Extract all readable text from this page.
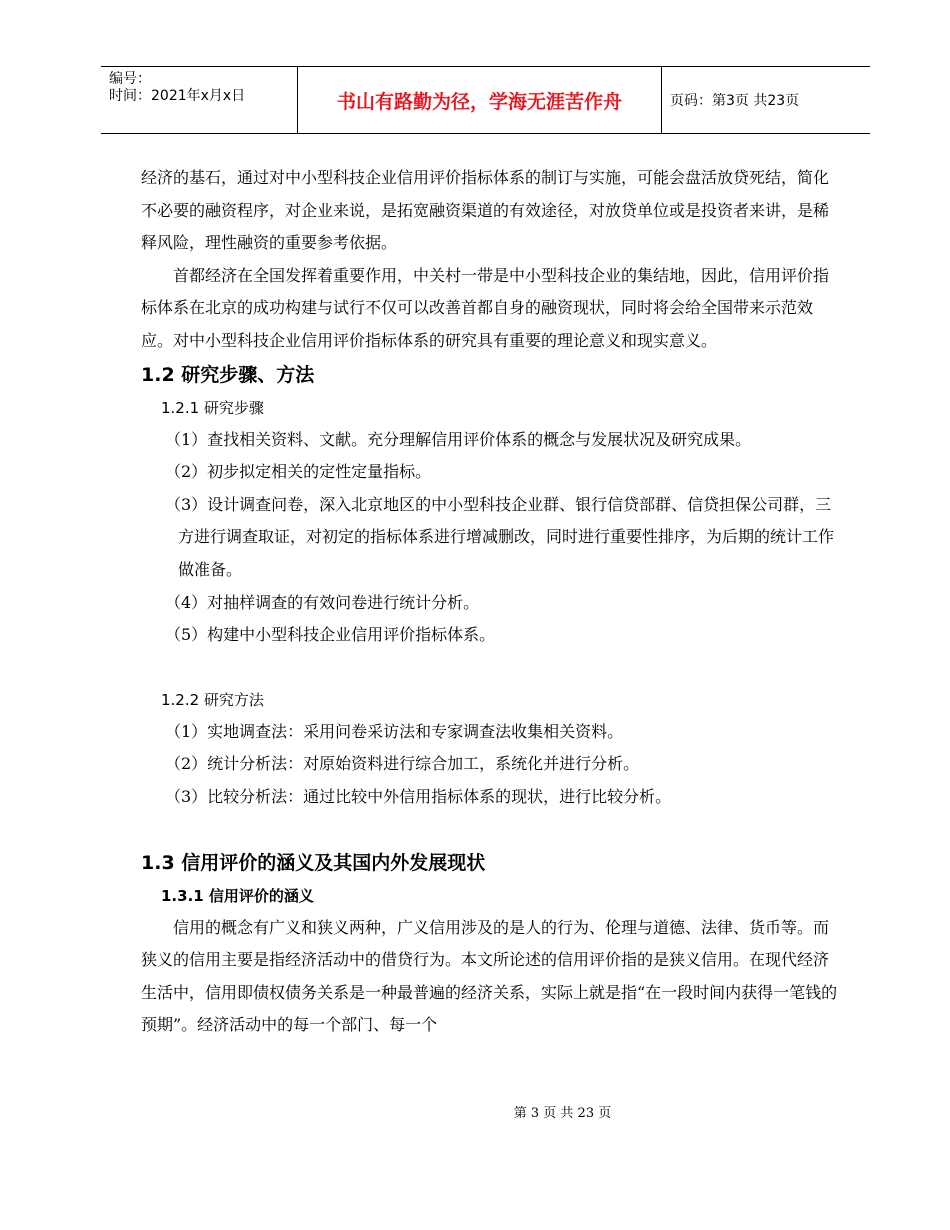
编号：
时间：2021年x月x日	书山有路勤为径，学海无涯苦作舟	页码：第3页 共23页

经济的基石，通过对中小型科技企业信用评价指标体系的制订与实施，可能会盘活放贷死结，简化不必要的融资程序，对企业来说，是拓宽融资渠道的有效途径，对放贷单位或是投资者来讲，是稀释风险，理性融资的重要参考依据。

首都经济在全国发挥着重要作用，中关村一带是中小型科技企业的集结地，因此，信用评价指标体系在北京的成功构建与试行不仅可以改善首都自身的融资现状，同时将会给全国带来示范效应。对中小型科技企业信用评价指标体系的研究具有重要的理论意义和现实意义。

1.2 研究步骤、方法

1.2.1 研究步骤

（1）查找相关资料、文献。充分理解信用评价体系的概念与发展状况及研究成果。

（2）初步拟定相关的定性定量指标。

（3）设计调查问卷，深入北京地区的中小型科技企业群、银行信贷部群、信贷担保公司群，三方进行调查取证，对初定的指标体系进行增减删改，同时进行重要性排序，为后期的统计工作做准备。

（4）对抽样调查的有效问卷进行统计分析。

（5）构建中小型科技企业信用评价指标体系。

1.2.2 研究方法

（1）实地调查法：采用问卷采访法和专家调查法收集相关资料。

（2）统计分析法：对原始资料进行综合加工，系统化并进行分析。

（3）比较分析法：通过比较中外信用指标体系的现状，进行比较分析。

1.3 信用评价的涵义及其国内外发展现状

1.3.1 信用评价的涵义

信用的概念有广义和狭义两种，广义信用涉及的是人的行为、伦理与道德、法律、货币等。而狭义的信用主要是指经济活动中的借贷行为。本文所论述的信用评价指的是狭义信用。在现代经济生活中，信用即债权债务关系是一种最普遍的经济关系，实际上就是指“在一段时间内获得一笔钱的预期”。经济活动中的每一个部门、每一个

第 3 页 共 23 页
